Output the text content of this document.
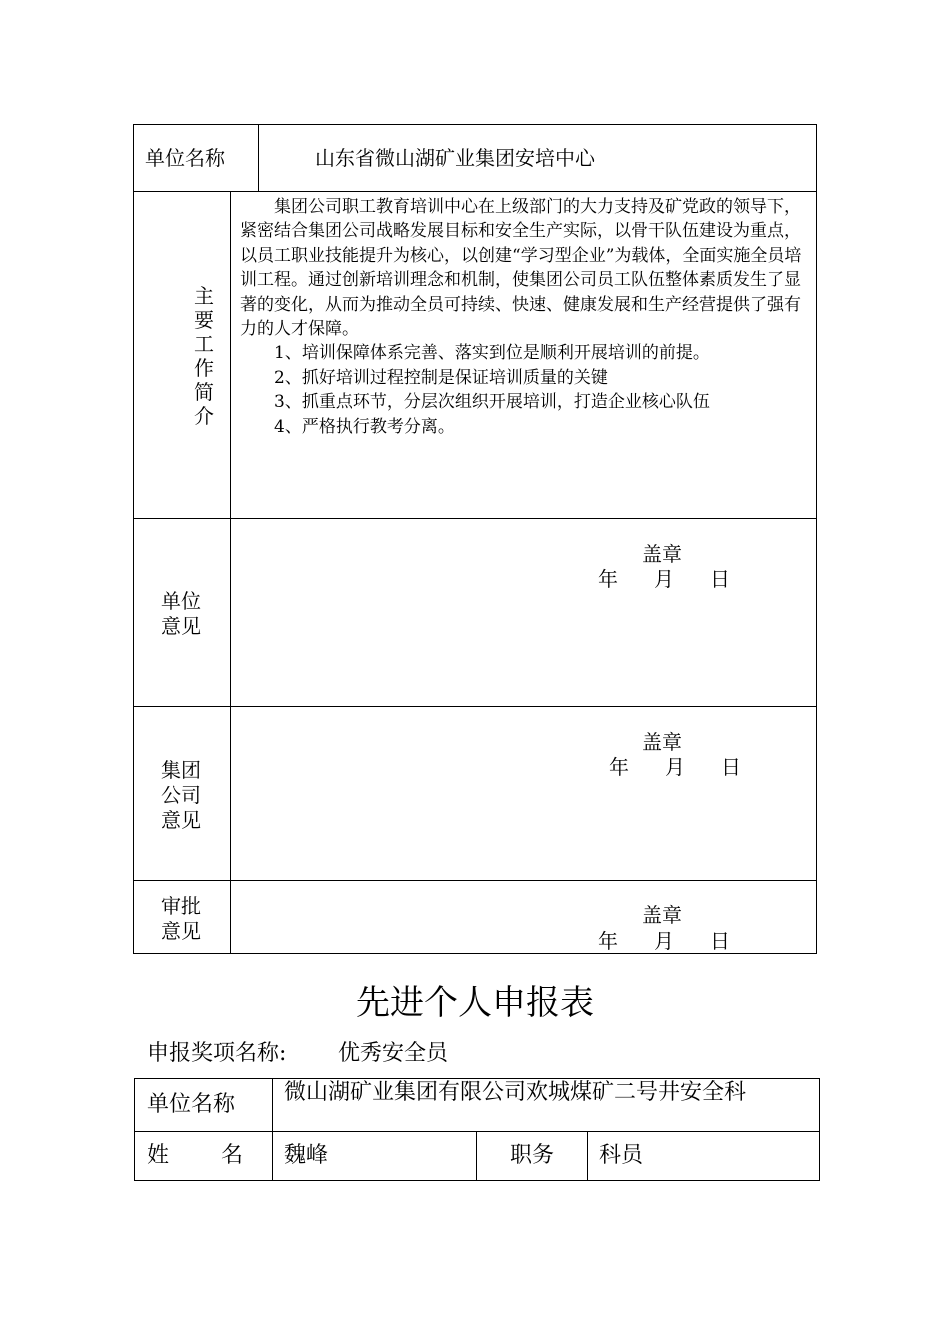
单位名称	山东省微山湖矿业集团安培中心
主
要
工
作
简
介

集团公司职工教育培训中心在上级部门的大力支持及矿党政的领导下，紧密结合集团公司战略发展目标和安全生产实际，以骨干队伍建设为重点，以员工职业技能提升为核心，以创建“学习型企业”为载体，全面实施全员培训工程。通过创新培训理念和机制，使集团公司员工队伍整体素质发生了显著的变化，从而为推动全员可持续、快速、健康发展和生产经营提供了强有力的人才保障。

1、培训保障体系完善、落实到位是顺利开展培训的前提。

2、抓好培训过程控制是保证培训质量的关键

3、抓重点环节，分层次组织开展培训，打造企业核心队伍

4、严格执行教考分离。

单位
意见
盖章
年 月 日
集团
公司
意见
盖章
年 月 日
审批
意见
盖章
年 月 日
先进个人申报表
申报奖项名称: 优秀安全员
单位名称 微山湖矿业集团有限公司欢城煤矿二号井安全科
姓 名 魏峰	职务 科员
